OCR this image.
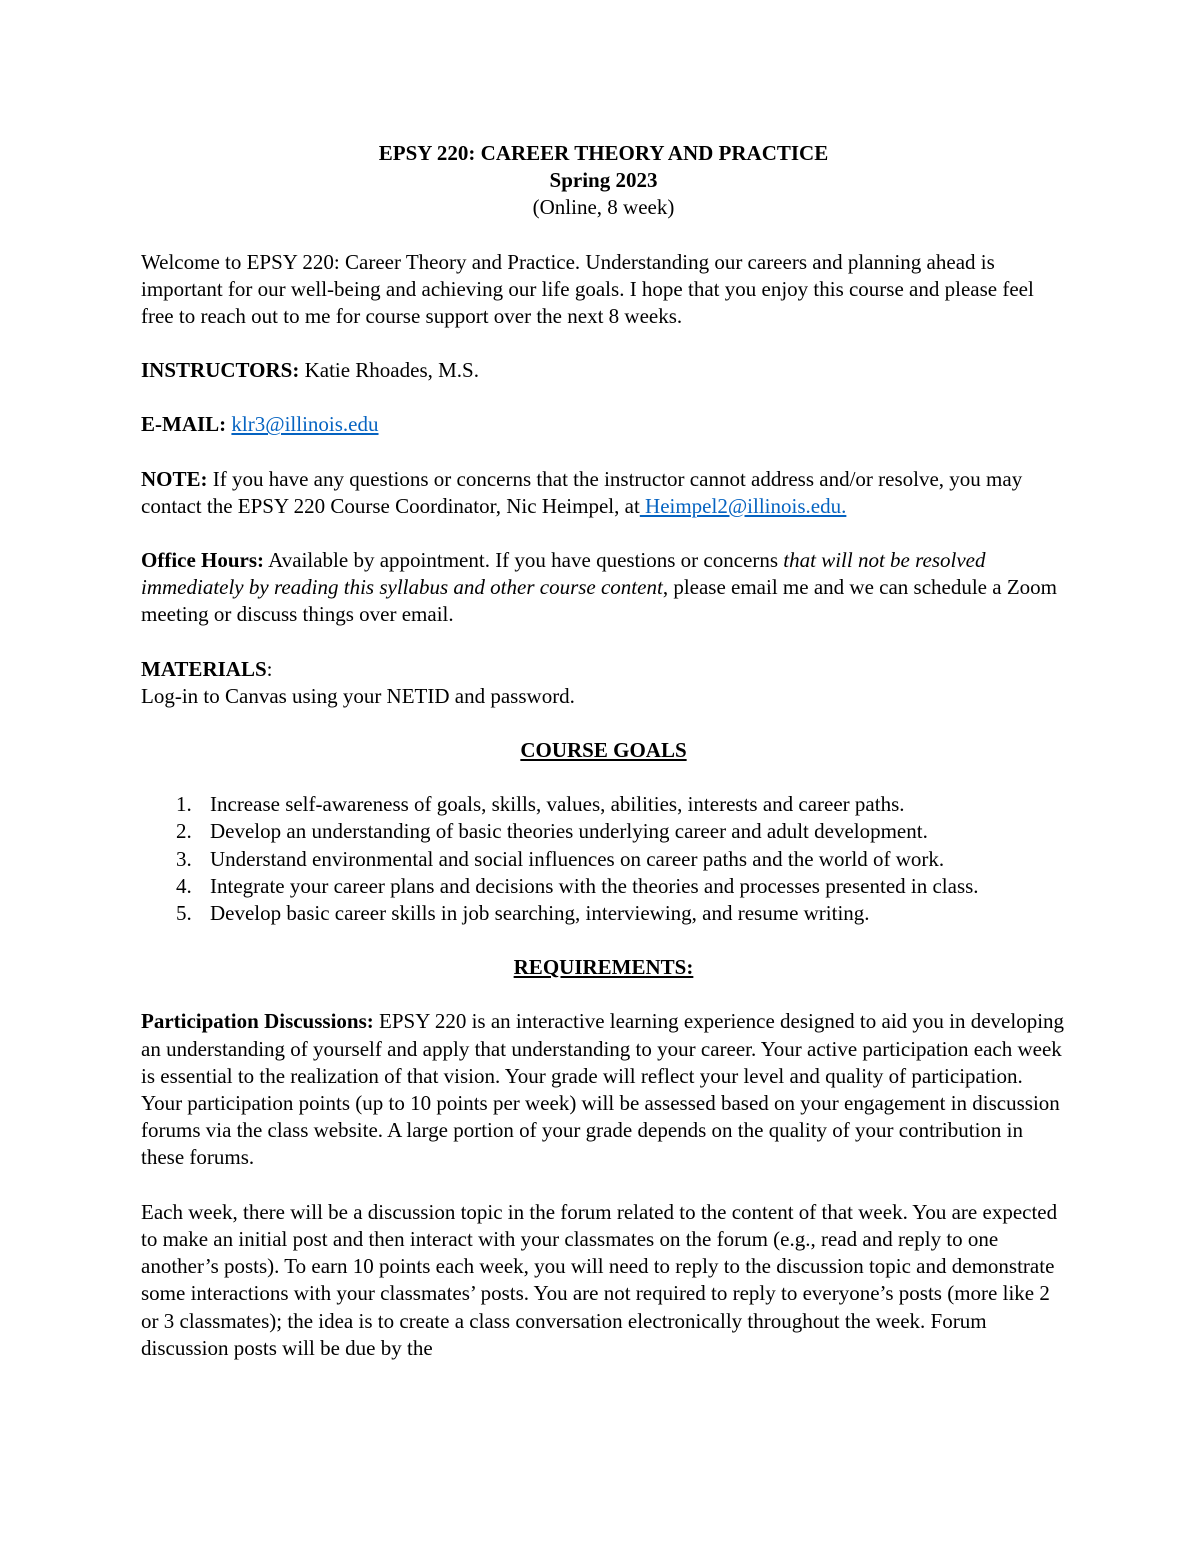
EPSY 220: CAREER THEORY AND PRACTICE
Spring 2023
(Online, 8 week)

Welcome to EPSY 220: Career Theory and Practice. Understanding our careers and planning ahead is important for our well-being and achieving our life goals. I hope that you enjoy this course and please feel free to reach out to me for course support over the next 8 weeks.

INSTRUCTORS: Katie Rhoades, M.S.

E-MAIL: klr3@illinois.edu

NOTE: If you have any questions or concerns that the instructor cannot address and/or resolve, you may contact the EPSY 220 Course Coordinator, Nic Heimpel, at Heimpel2@illinois.edu.

Office Hours: Available by appointment. If you have questions or concerns that will not be resolved immediately by reading this syllabus and other course content, please email me and we can schedule a Zoom meeting or discuss things over email.

MATERIALS:

Log-in to Canvas using your NETID and password.

COURSE GOALS
1. Increase self-awareness of goals, skills, values, abilities, interests and career paths.
2. Develop an understanding of basic theories underlying career and adult development.
3. Understand environmental and social influences on career paths and the world of work.
4. Integrate your career plans and decisions with the theories and processes presented in class.
5. Develop basic career skills in job searching, interviewing, and resume writing.
REQUIREMENTS:

Participation Discussions: EPSY 220 is an interactive learning experience designed to aid you in developing an understanding of yourself and apply that understanding to your career. Your active participation each week is essential to the realization of that vision. Your grade will reflect your level and quality of participation. Your participation points (up to 10 points per week) will be assessed based on your engagement in discussion forums via the class website. A large portion of your grade depends on the quality of your contribution in these forums.

Each week, there will be a discussion topic in the forum related to the content of that week. You are expected to make an initial post and then interact with your classmates on the forum (e.g., read and reply to one another’s posts). To earn 10 points each week, you will need to reply to the discussion topic and demonstrate some interactions with your classmates’ posts. You are not required to reply to everyone’s posts (more like 2 or 3 classmates); the idea is to create a class conversation electronically throughout the week. Forum discussion posts will be due by the
